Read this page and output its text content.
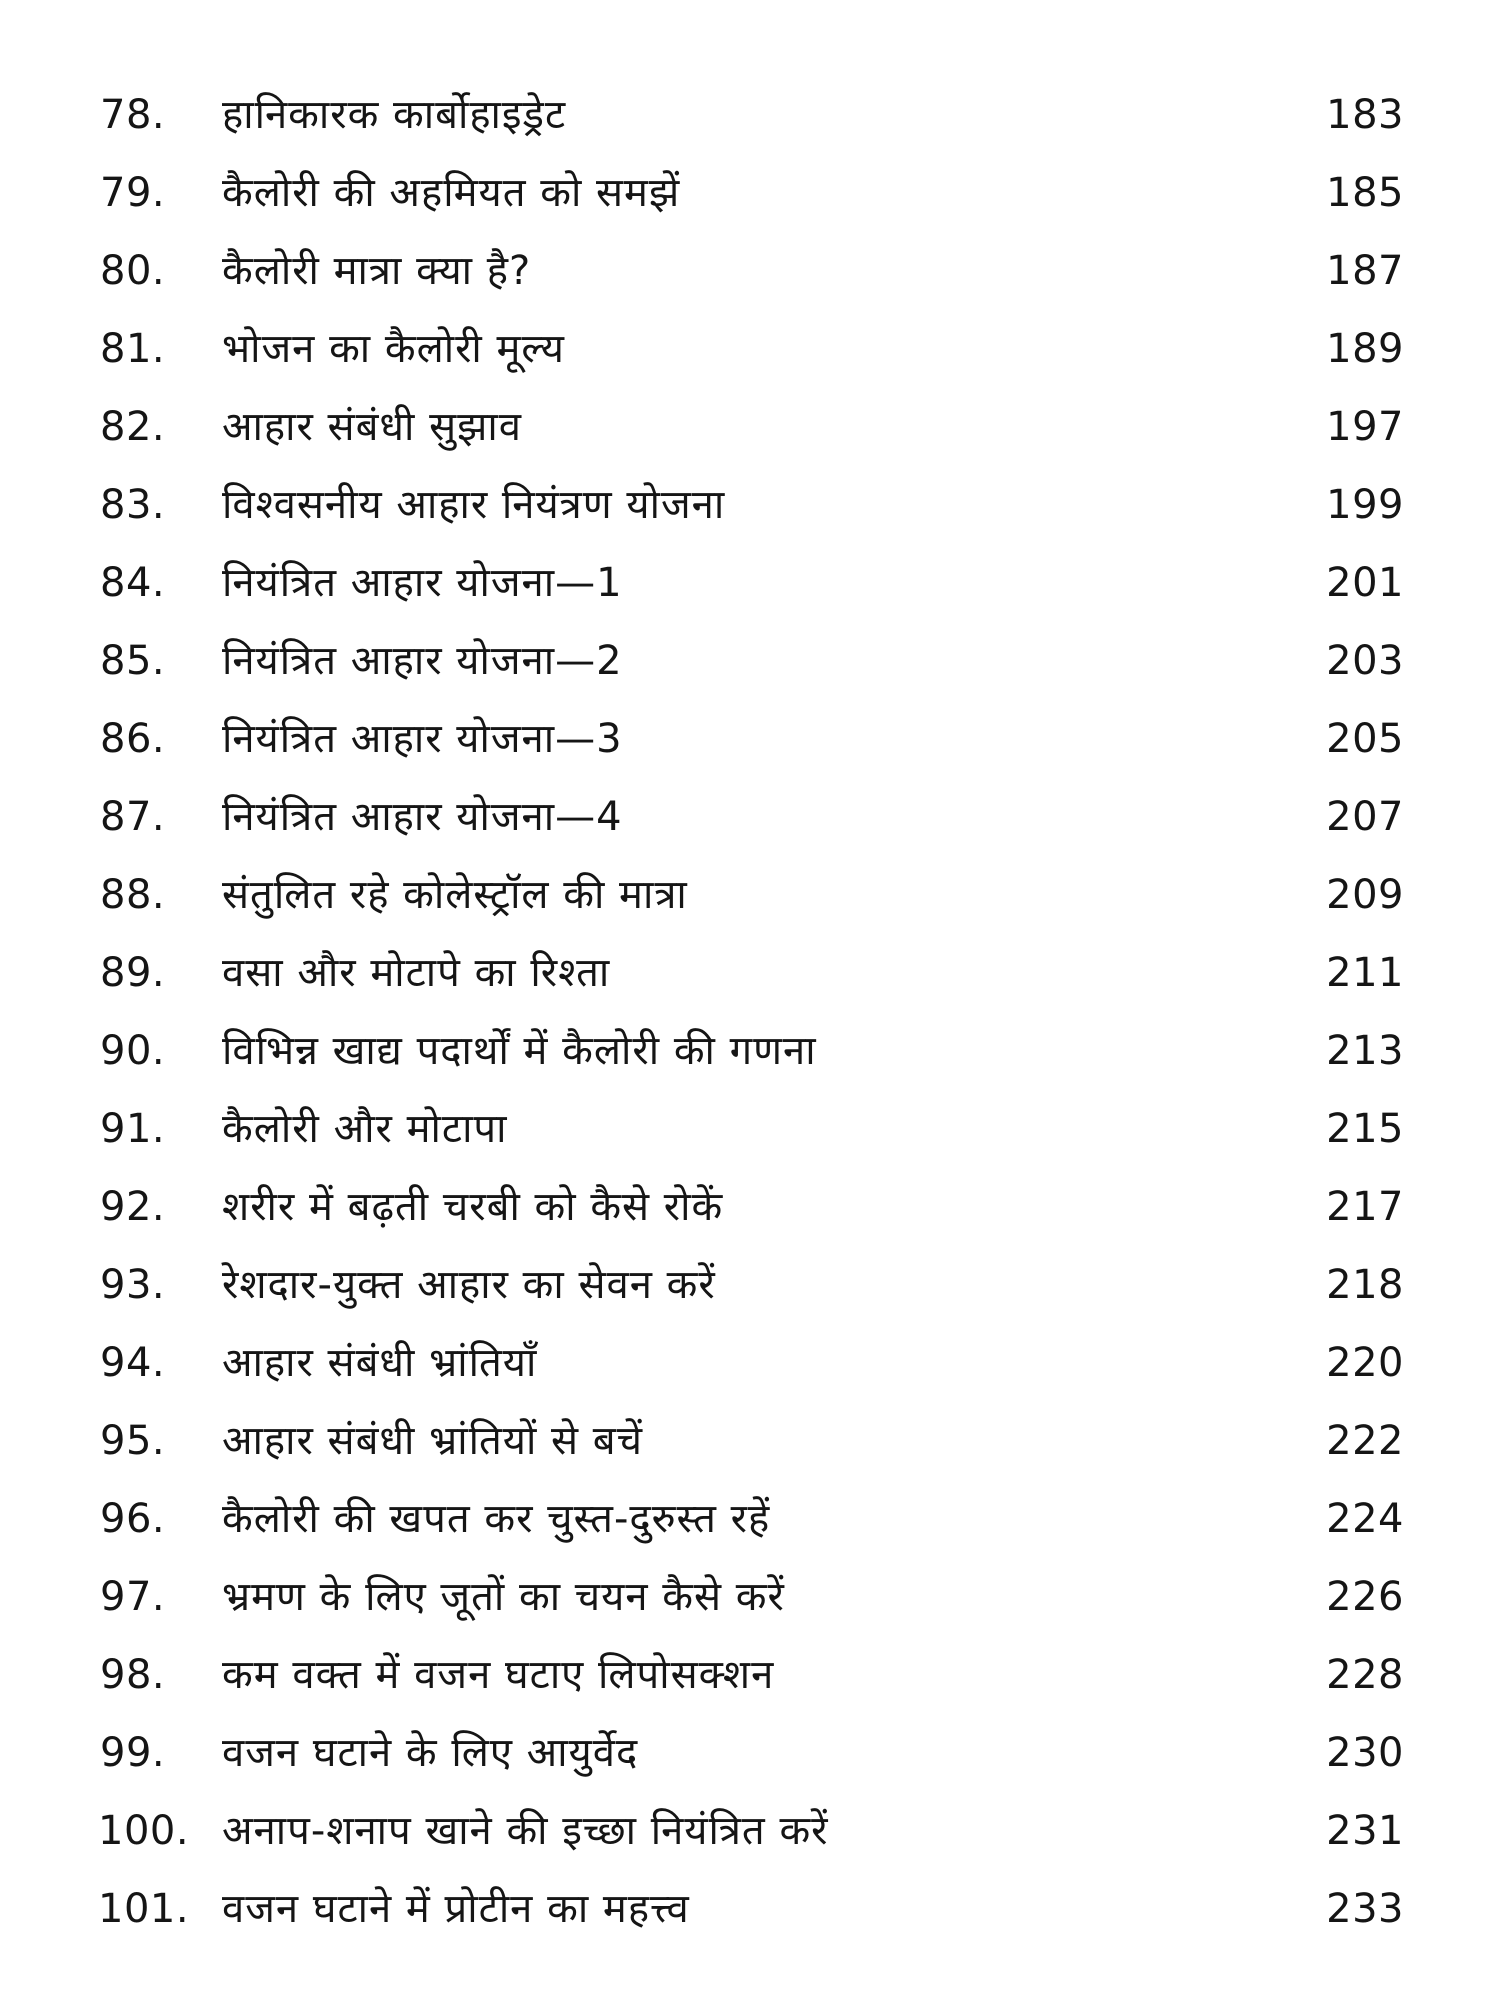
78.	हानिकारक कार्बोहाइड्रेट	183
79.	कैलोरी की अहमियत को समझें	185
80.	कैलोरी मात्रा क्या है?	187
81.	भोजन का कैलोरी मूल्य	189
82.	आहार संबंधी सुझाव	197
83.	विश्वसनीय आहार नियंत्रण योजना	199
84.	नियंत्रित आहार योजना—1	201
85.	नियंत्रित आहार योजना—2	203
86.	नियंत्रित आहार योजना—3	205
87.	नियंत्रित आहार योजना—4	207
88.	संतुलित रहे कोलेस्ट्रॉल की मात्रा	209
89.	वसा और मोटापे का रिश्ता	211
90.	विभिन्न खाद्य पदार्थों में कैलोरी की गणना	213
91.	कैलोरी और मोटापा	215
92.	शरीर में बढ़ती चरबी को कैसे रोकें	217
93.	रेशदार-युक्त आहार का सेवन करें	218
94.	आहार संबंधी भ्रांतियाँ	220
95.	आहार संबंधी भ्रांतियों से बचें	222
96.	कैलोरी की खपत कर चुस्त-दुरुस्त रहें	224
97.	भ्रमण के लिए जूतों का चयन कैसे करें	226
98.	कम वक्त में वजन घटाए लिपोसक्शन	228
99.	वजन घटाने के लिए आयुर्वेद	230
100. अनाप-शनाप खाने की इच्छा नियंत्रित करें	231
101. वजन घटाने में प्रोटीन का महत्त्व	233
